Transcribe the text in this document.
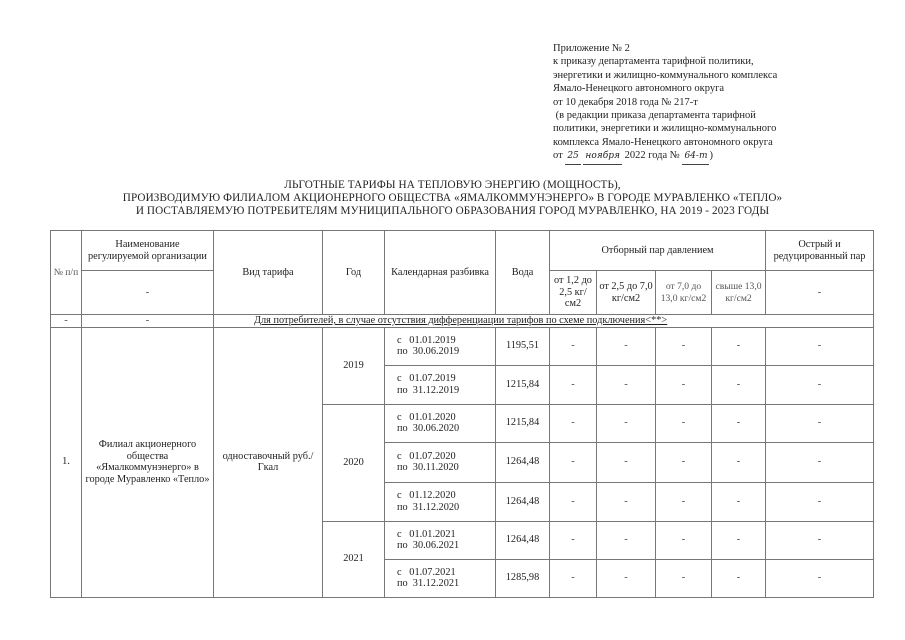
Приложение № 2
к приказу департамента тарифной политики,
энергетики и жилищно-коммунального комплекса
Ямало-Ненецкого автономного округа
от 10 декабря 2018 года № 217-т
(в редакции приказа департамента тарифной
политики, энергетики и жилищно-коммунального
комплекса Ямало-Ненецкого автономного округа
от 25 ноября 2022 года № 64-т )
ЛЬГОТНЫЕ ТАРИФЫ НА ТЕПЛОВУЮ ЭНЕРГИЮ (МОЩНОСТЬ),
ПРОИЗВОДИМУЮ ФИЛИАЛОМ АКЦИОНЕРНОГО ОБЩЕСТВА «ЯМАЛКОММУНЭНЕРГО» В ГОРОДЕ МУРАВЛЕНКО «ТЕПЛО»
И ПОСТАВЛЯЕМУЮ ПОТРЕБИТЕЛЯМ МУНИЦИПАЛЬНОГО ОБРАЗОВАНИЯ ГОРОД МУРАВЛЕНКО, НА 2019 - 2023 ГОДЫ
№ п/п	Наименование регулируемой организации	Вид тарифа	Год	Календарная разбивка	Вода	Отборный пар давлением				Острый и редуцированный пар
	-					от 1,2 до 2,5 кг/см2	от 2,5 до 7,0 кг/см2	от 7,0 до 13,0 кг/см2	свыше 13,0 кг/см2	-
-	-	Для потребителей, в случае отсутствия дифференциации тарифов по схеме подключения<**>								
1.	Филиал акционерного общества «Ямалкоммунэнерго» в городе Муравленко «Тепло»	одноставочный руб./Гкал	2019	с   01.01.2019
по  30.06.2019	1195,51	-	-	-	-	-

				с   01.07.2019
по  31.12.2019	1215,84	-	-	-	-	-
			2020	с   01.01.2020
по  30.06.2020	1215,84	-	-	-	-	-

				с   01.07.2020
по  30.11.2020	1264,48	-	-	-	-	-

				с   01.12.2020
по  31.12.2020	1264,48	-	-	-	-	-
			2021	с   01.01.2021
по  30.06.2021	1264,48	-	-	-	-	-

				с   01.07.2021
по  31.12.2021	1285,98	-	-	-	-	-
